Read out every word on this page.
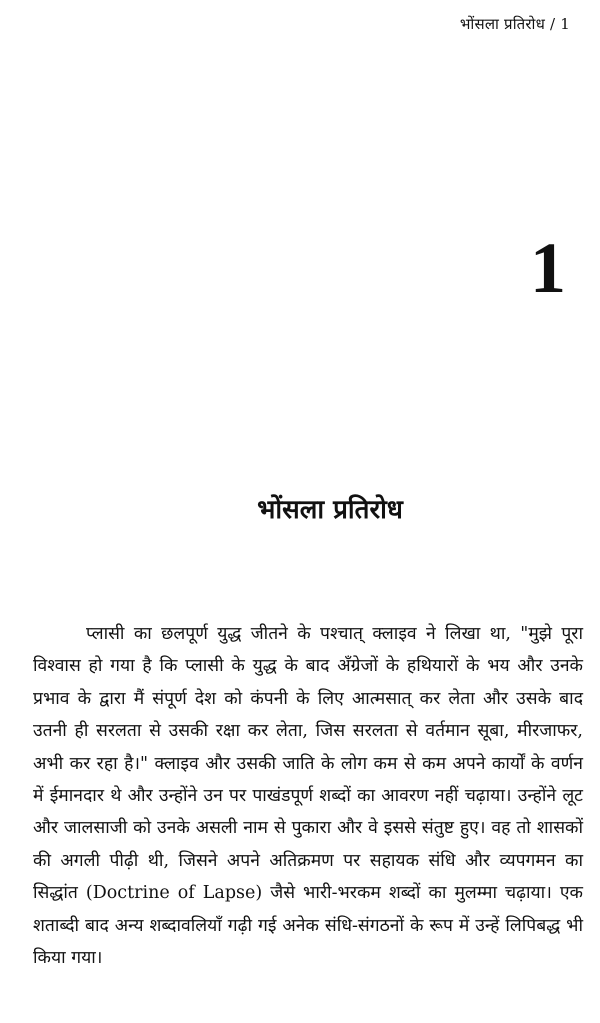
भोंसला प्रतिरोध / 1
1
भोंसला प्रतिरोध

प्लासी का छलपूर्ण युद्ध जीतने के पश्चात् क्लाइव ने लिखा था, "मुझे पूरा विश्वास हो गया है कि प्लासी के युद्ध के बाद अँग्रेजों के हथियारों के भय और उनके प्रभाव के द्वारा मैं संपूर्ण देश को कंपनी के लिए आत्मसात् कर लेता और उसके बाद उतनी ही सरलता से उसकी रक्षा कर लेता, जिस सरलता से वर्तमान सूबा, मीरजाफर, अभी कर रहा है।" क्लाइव और उसकी जाति के लोग कम से कम अपने कार्यों के वर्णन में ईमानदार थे और उन्होंने उन पर पाखंडपूर्ण शब्दों का आवरण नहीं चढ़ाया। उन्होंने लूट और जालसाजी को उनके असली नाम से पुकारा और वे इससे संतुष्ट हुए। वह तो शासकों की अगली पीढ़ी थी, जिसने अपने अतिक्रमण पर सहायक संधि और व्यपगमन का सिद्धांत (Doctrine of Lapse) जैसे भारी-भरकम शब्दों का मुलम्मा चढ़ाया। एक शताब्दी बाद अन्य शब्दावलियाँ गढ़ी गई अनेक संधि-संगठनों के रूप में उन्हें लिपिबद्ध भी किया गया।
